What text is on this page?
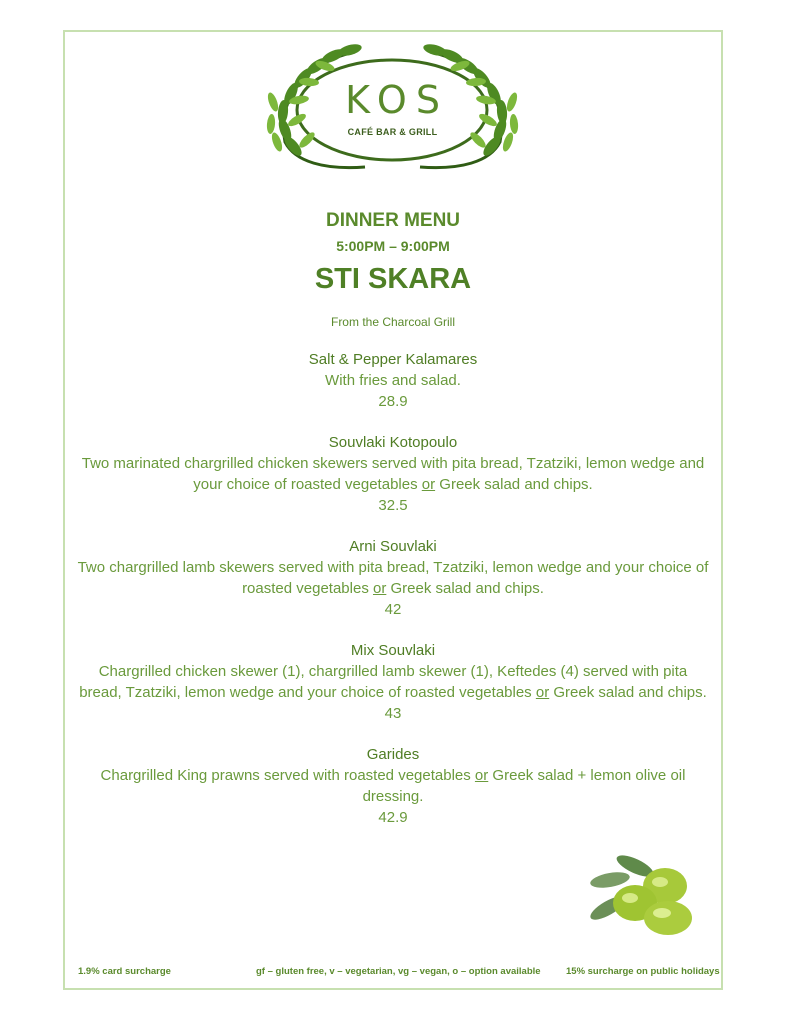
KOS
CAFÉ BAR & GRILL
DINNER MENU
5:00PM – 9:00PM
STI SKARA
From the Charcoal Grill
Salt & Pepper Kalamares
With fries and salad.
28.9
Souvlaki Kotopoulo
Two marinated chargrilled chicken skewers served with pita bread, Tzatziki, lemon wedge and your choice of roasted vegetables or Greek salad and chips.
32.5
Arni Souvlaki
Two chargrilled lamb skewers served with pita bread, Tzatziki, lemon wedge and your choice of roasted vegetables or Greek salad and chips.
42
Mix Souvlaki
Chargrilled chicken skewer (1), chargrilled lamb skewer (1), Keftedes (4) served with pita bread, Tzatziki, lemon wedge and your choice of roasted vegetables or Greek salad and chips.
43
Garides
Chargrilled King prawns served with roasted vegetables or Greek salad + lemon olive oil dressing.
42.9
1.9% card surcharge	gf – gluten free, v – vegetarian, vg – vegan, o – option available	15% surcharge on public holidays
